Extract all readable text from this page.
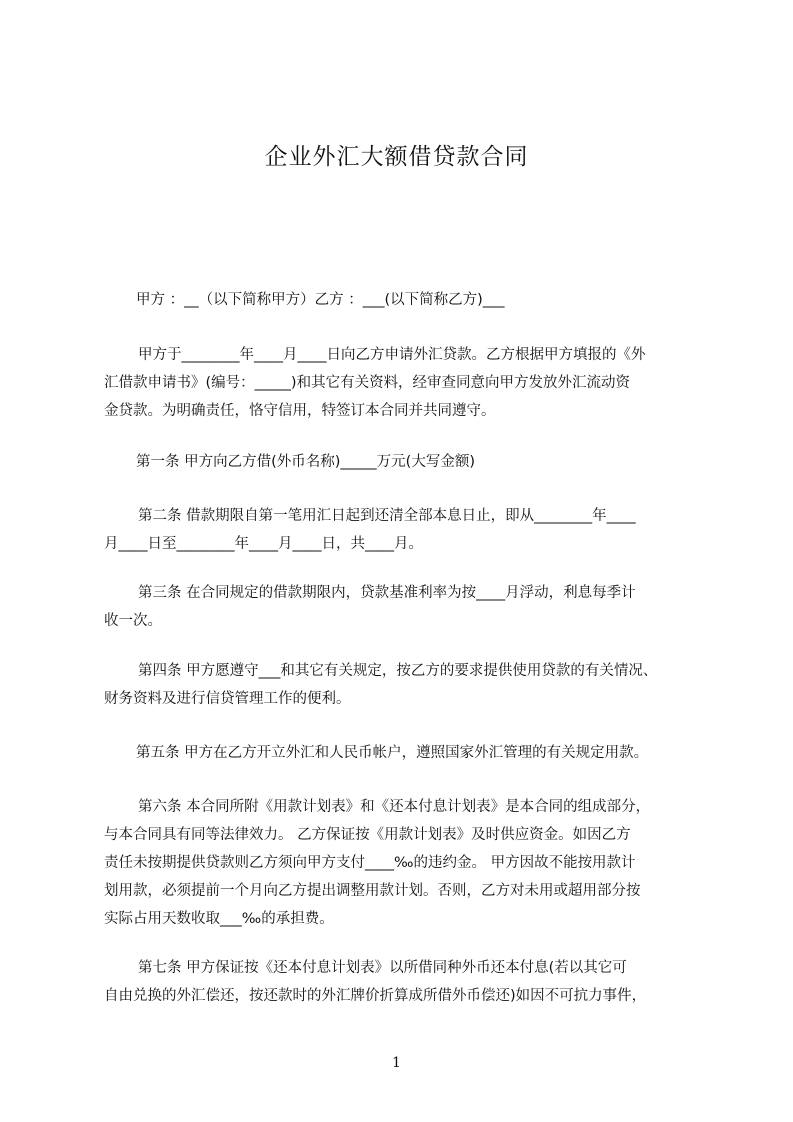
企业外汇大额借贷款合同
甲方 ：__（以下简称甲方）乙方 ：___(以下简称乙方)___
甲方于________年____月____日向乙方申请外汇贷款。乙方根据甲方填报的《外
汇借款申请书》(编号：_____)和其它有关资料，经审查同意向甲方发放外汇流动资
金贷款。为明确责任，恪守信用，特签订本合同并共同遵守。
第一条 甲方向乙方借(外币名称)_____万元(大写金额)
第二条 借款期限自第一笔用汇日起到还清全部本息日止，即从________年____
月____日至________年____月____日，共____月。
第三条 在合同规定的借款期限内，贷款基准利率为按____月浮动，利息每季计
收一次。
第四条 甲方愿遵守___和其它有关规定，按乙方的要求提供使用贷款的有关情况、
财务资料及进行信贷管理工作的便利。
第五条 甲方在乙方开立外汇和人民币帐户，遵照国家外汇管理的有关规定用款。
第六条 本合同所附《用款计划表》和《还本付息计划表》是本合同的组成部分，
与本合同具有同等法律效力。 乙方保证按《用款计划表》及时供应资金。如因乙方
责任未按期提供贷款则乙方须向甲方支付____‰的违约金。 甲方因故不能按用款计
划用款，必须提前一个月向乙方提出调整用款计划。否则，乙方对未用或超用部分按
实际占用天数收取___‰的承担费。
第七条 甲方保证按《还本付息计划表》以所借同种外币还本付息(若以其它可
自由兑换的外汇偿还，按还款时的外汇牌价折算成所借外币偿还)如因不可抗力事件，
1
